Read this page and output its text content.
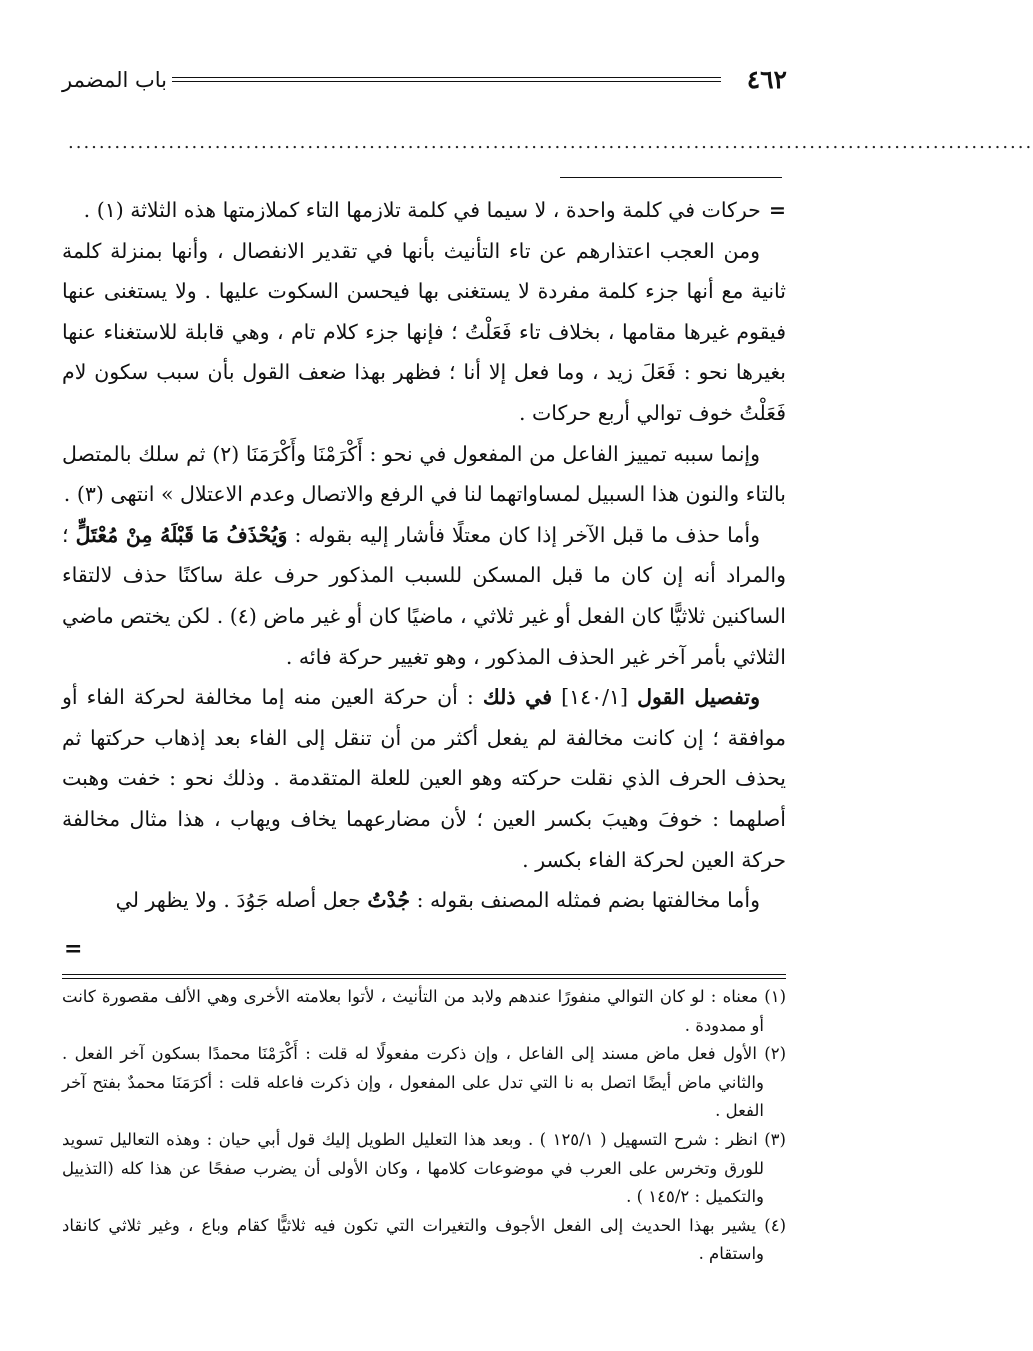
٤٦٢
باب المضمر
.............................................................................................................................

=حركات في كلمة واحدة ، لا سيما في كلمة تلازمها التاء كملازمتها هذه الثلاثة (١) .

ومن العجب اعتذارهم عن تاء التأنيث بأنها في تقدير الانفصال ، وأنها بمنزلة كلمة ثانية مع أنها جزء كلمة مفردة لا يستغنى بها فيحسن السكوت عليها . ولا يستغنى عنها فيقوم غيرها مقامها ، بخلاف تاء فَعَلْتُ ؛ فإنها جزء كلام تام ، وهي قابلة للاستغناء عنها بغيرها نحو : فَعَلَ زيد ، وما فعل إلا أنا ؛ فظهر بهذا ضعف القول بأن سبب سكون لام فَعَلْتُ خوف توالي أربع حركات .

وإنما سببه تمييز الفاعل من المفعول في نحو : أَكْرَمْنَا وأَكْرَمَنَا (٢) ثم سلك بالمتصل بالتاء والنون هذا السبيل لمساواتهما لنا في الرفع والاتصال وعدم الاعتلال » انتهى (٣) .

وأما حذف ما قبل الآخر إذا كان معتلًا فأشار إليه بقوله : وَيُحْذَفُ مَا قَبْلَهُ مِنْ مُعْتَلٍّ ؛ والمراد أنه إن كان ما قبل المسكن للسبب المذكور حرف علة ساكنًا حذف لالتقاء الساكنين ثلاثيًّا كان الفعل أو غير ثلاثي ، ماضيًا كان أو غير ماض (٤) . لكن يختص ماضي الثلاثي بأمر آخر غير الحذف المذكور ، وهو تغيير حركة فائه .

وتفصيل القول [١٤٠/١] في ذلك : أن حركة العين منه إما مخالفة لحركة الفاء أو موافقة ؛ إن كانت مخالفة لم يفعل أكثر من أن تنقل إلى الفاء بعد إذهاب حركتها ثم يحذف الحرف الذي نقلت حركته وهو العين للعلة المتقدمة . وذلك نحو : خفت وهبت أصلهما : خوفَ وهيبَ بكسر العين ؛ لأن مضارعهما يخاف ويهاب ، هذا مثال مخالفة حركة العين لحركة الفاء بكسر .

وأما مخالفتها بضم فمثله المصنف بقوله : جُدْتُ جعل أصله جَوُدَ . ولا يظهر لي

=

(١) معناه : لو كان التوالي منفورًا عندهم ولابد من التأنيث ، لأتوا بعلامته الأخرى وهي الألف مقصورة كانت أو ممدودة .

(٢) الأول فعل ماض مسند إلى الفاعل ، وإن ذكرت مفعولًا له قلت : أَكْرَمْنَا محمدًا بسكون آخر الفعل . والثاني ماض أيضًا اتصل به نا التي تدل على المفعول ، وإن ذكرت فاعله قلت : أكرَمَنَا محمدٌ بفتح آخر الفعل .

(٣) انظر : شرح التسهيل ( ١٢٥/١ ) . وبعد هذا التعليل الطويل إليك قول أبي حيان : وهذه التعاليل تسويد للورق وتخرس على العرب في موضوعات كلامها ، وكان الأولى أن يضرب صفحًا عن هذا كله (التذييل والتكميل : ١٤٥/٢ ) .

(٤) يشير بهذا الحديث إلى الفعل الأجوف والتغيرات التي تكون فيه ثلاثيًّا كقام وباع ، وغير ثلاثي كانقاد واستقام .
